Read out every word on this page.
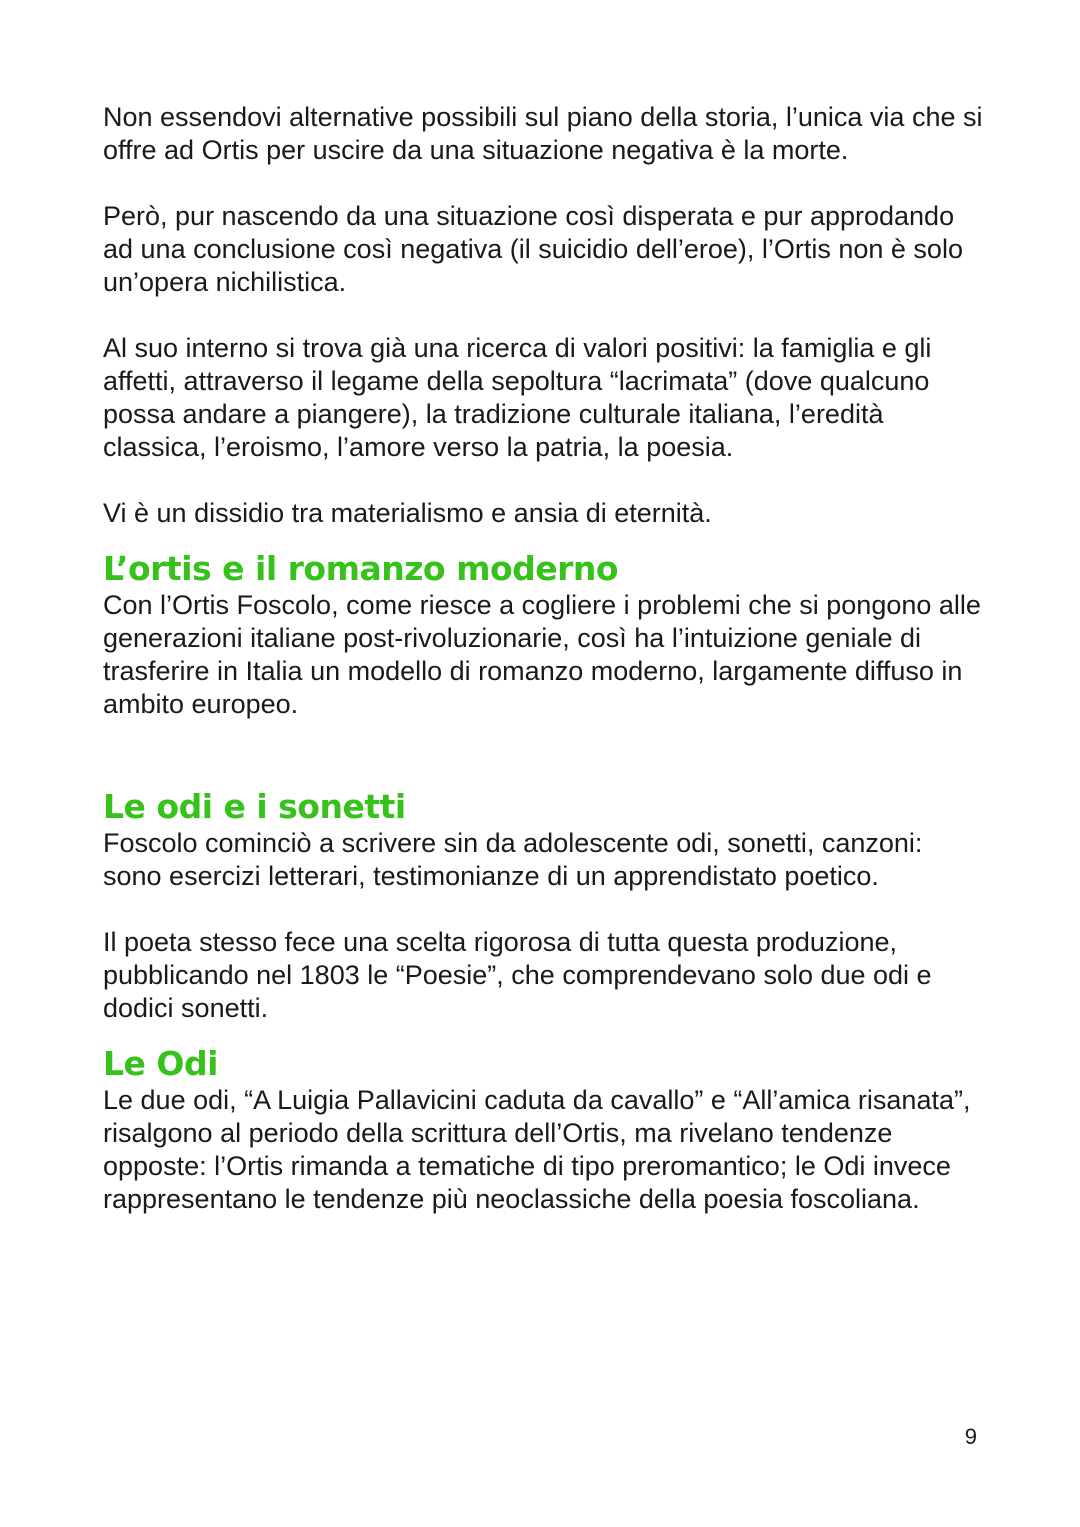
Non essendovi alternative possibili sul piano della storia, l’unica via che si offre ad Ortis per uscire da una situazione negativa è la morte.

Però, pur nascendo da una situazione così disperata e pur approdando ad una conclusione così negativa (il suicidio dell’eroe), l’Ortis non è solo un’opera nichilistica.

Al suo interno si trova già una ricerca di valori positivi: la famiglia e gli affetti, attraverso il legame della sepoltura “lacrimata” (dove qualcuno possa andare a piangere), la tradizione culturale italiana, l’eredità classica, l’eroismo, l’amore verso la patria, la poesia.

Vi è un dissidio tra materialismo e ansia di eternità.

L’ortis e il romanzo moderno

Con l’Ortis Foscolo, come riesce a cogliere i problemi che si pongono alle generazioni italiane post-rivoluzionarie, così ha l’intuizione geniale di trasferire in Italia un modello di romanzo moderno, largamente diffuso in ambito europeo.

Le odi e i sonetti

Foscolo cominciò a scrivere sin da adolescente odi, sonetti, canzoni: sono esercizi letterari, testimonianze di un apprendistato poetico.

Il poeta stesso fece una scelta rigorosa di tutta questa produzione, pubblicando nel 1803 le “Poesie”, che comprendevano solo due odi e dodici sonetti.

Le Odi

Le due odi, “A Luigia Pallavicini caduta da cavallo” e “All’amica risanata”, risalgono al periodo della scrittura dell’Ortis, ma rivelano tendenze opposte: l’Ortis rimanda a tematiche di tipo preromantico; le Odi invece rappresentano le tendenze più neoclassiche della poesia foscoliana.

9
